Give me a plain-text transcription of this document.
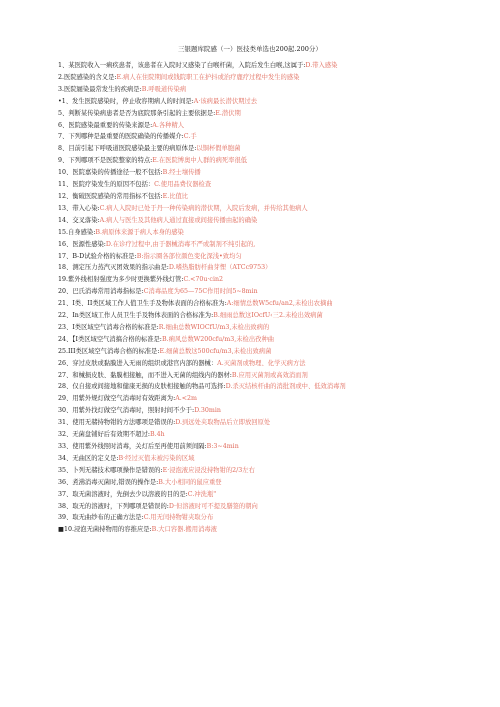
三银题库院感（一）医技类单选也200起.200分）
1、某医院收入一痢疾患者，该患者在入院时又感染了白喉杆菌，入院后发生白喉,这属于:D.带入感染
2.医院感染的含义是:E.病人在住院期间或钱院职工在护抖或治疗鹿疗过程中发生的感染
3.医院屣染最常发生的疾病是:B.呼吸道传染病
•1、发生医院感染时，停止收容期病人的时间是:A·该病最长潜伏期过去
5、判断某传染病患者是否为底院那条引起的主要依据是:E.潜伏期
6、医院感染最重要的传染来源是:A.各种精人
7、下列哪种是最重要的医院确染的传播媒介:C.手
8、目前引起下呼吸道医院感染最主要的病原体是:以铜杯假单胞菌
9、下列哪项不是医院整家的特点:E.在医院博奥中人群的病死率很低
10、医院嘉染的传播途径一般不包括:B.经士壤传播
11、医院疗染发生的原因不包括：C.使用品费仪器检查
12、衡破医院感染的常用指标不包括:E.比值比
13、带入心染:C.病人入院时已处于丹一种传染病的潜伏期，入院后发病，并传给其他病人
14、交叉落染:A.病人与医生及其他病人通过直接或间接传播由起的确染
15.自身感染:B.病原体来源于病人本身的感染
16、医源性感染:D.在诊疗过程中,由于器械消毒不严或制剂不纯引起的,
17、B-D试验介格的标准是:B:指示圈各部位颜色变化深浅•致均匀
18、测定压力蒸汽灭团效果的指示曲是:D.嗜热脂肪杆曲芽悝（ATCc9753）
19.紫外线相射强度为多少时更换紫外线灯管:C.<70u·cin2
20、巴氏消毒常用消毒指标是:C消毒品度为65—75C作用时间5~8min
21、I类、II类区域工作人值卫生手及物体表面的合格标准为:A:细情总数W5cfu/an2,未检出农摘曲
22、In类区域工作人员卫生手及物体表面的合格标准为:B.细雨总数这IOcfU‹三2.未检出效病菌
23、I类区域空气消毒合格的标准是:R.细曲总数WIOCfU/m3,未检出致病的
24、【I类区域空气消搞合格的标准是:B.痢风总数W200cfu/m3,未检出孜种曲
25.III类区域空气消毒合格的标准是:E.细菌总数这500cfu/m3,未检出致病菌
26、穿过皮肤或黏膜进入无雨的组织或港官内部的器械：A.灭菌剂或物理、化学灭病方法
27、和械损皮肤、黏膜相接触，而不进入无菌的组线内的器材:B.应用灭菌剂或高效消而剂
28、仅自接或间接地和健康无损的皮肤相接触的物品可选择:D.杀灭结核杆曲的消批剂或中、低效消毒剂
29、用紫外规灯做空气消毒时有效距离为:A.<2m
30、用紫外找灯做空气消毒时，照射时间不少于:D.30min
31、使用无赭持物钳的方法哪项是错误的:D.到远处夹取物品后立即放回原处
32、无菌盘铺好后有效期不超过:B.4h
33、使用紫外线照时消毒，关灯后至再使用前须间隔:B:3~4min
34、无曲区的定义是:B·经过灭值未被污染的区域
35、卜列无赭技术哪项操作是错误的:E·浸泡液应浸没持物钳的2/3左右
36、煮沸消毒灭菌时,错误的操作是:B.大小相同的鼠应重登
37、取无菌溶液时，先倒去少以溶液的目的是:C.冲洗瓶"
38、取无的溶液时，下列哪项是错误的:D·但溶液时可不提及膳签的朝向
39、取无曲纱布的正确方法是:C.用无闰持物钳夹取分布
■10.浸泡无菌持物用的容推应是:B.大口容器.搬用消毒液
